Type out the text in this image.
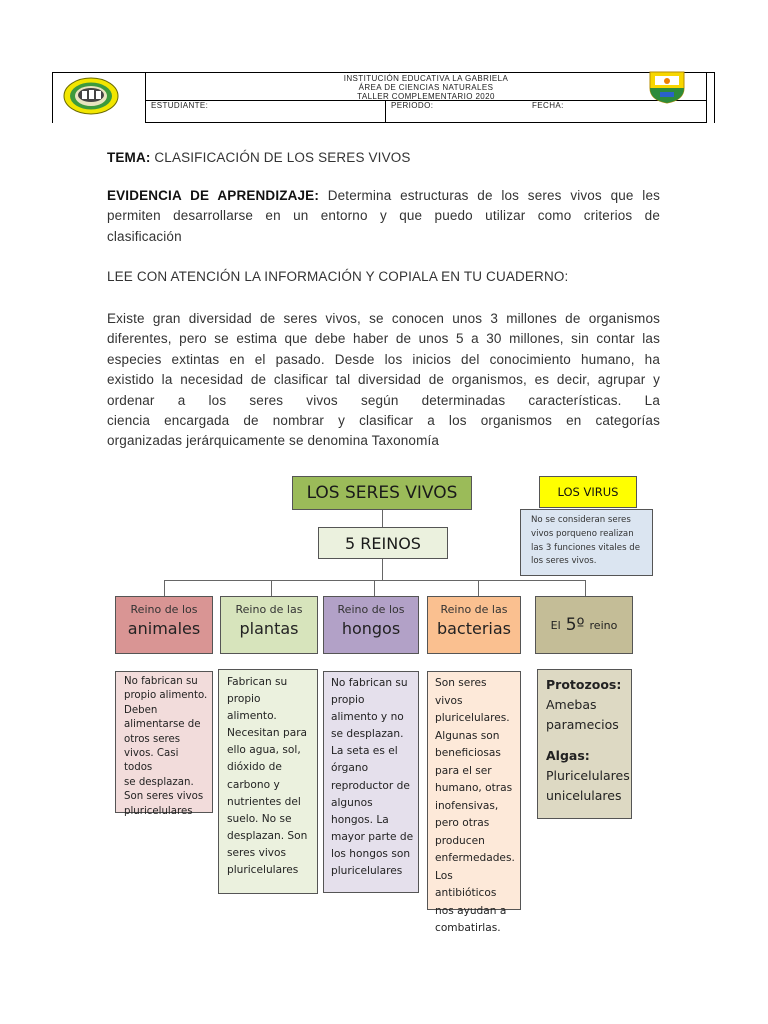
INSTITUCIÓN EDUCATIVA LA GABRIELA
ÁREA DE CIENCIAS NATURALES
TALLER COMPLEMENTARIO 2020
ESTUDIANTE:	PERIODO:	FECHA:
TEMA: CLASIFICACIÓN DE LOS SERES VIVOS
EVIDENCIA DE APRENDIZAJE: Determina estructuras de los seres vivos que les
permiten desarrollarse en un entorno y que puedo utilizar como criterios de
clasificación
LEE CON ATENCIÓN LA INFORMACIÓN Y COPIALA EN TU CUADERNO:
Existe gran diversidad de seres vivos, se conocen unos 3 millones de organismos
diferentes, pero se estima que debe haber de unos 5 a 30 millones, sin contar las
especies extintas en el pasado. Desde los inicios del conocimiento humano, ha
existido la necesidad de clasificar tal diversidad de organismos, es decir, agrupar y
ordenar a los seres vivos según determinadas características. La
ciencia encargada de nombrar y clasificar a los organismos en categorías
organizadas jerárquicamente se denomina Taxonomía
LOS SERES VIVOS
5 REINOS
LOS VIRUS
No se consideran seres
vivos porqueno realizan
las 3 funciones vitales de
los seres vivos.
Reino de los
animales
Reino de las
plantas
Reino de los
hongos
Reino de las
bacterias	El 5º reino
No fabrican su
propio alimento.
Deben
alimentarse de
otros seres
vivos. Casi todos
se desplazan.
Son seres vivos
pluricelulares
Fabrican su
propio
alimento.
Necesitan para
ello agua, sol,
dióxido de
carbono y
nutrientes del
suelo. No se
desplazan. Son
seres vivos
pluricelulares
No fabrican su
propio
alimento y no
se desplazan.
La seta es el
órgano
reproductor de
algunos
hongos. La
mayor parte de
los hongos son
pluricelulares
Son seres vivos
pluricelulares.
Algunas son
beneficiosas
para el ser
humano, otras
inofensivas,
pero otras
producen
enfermedades.
Los antibióticos
nos ayudan a
combatirlas.
Protozoos:
Amebas
paramecios
Algas:
Pluricelulares
unicelulares
